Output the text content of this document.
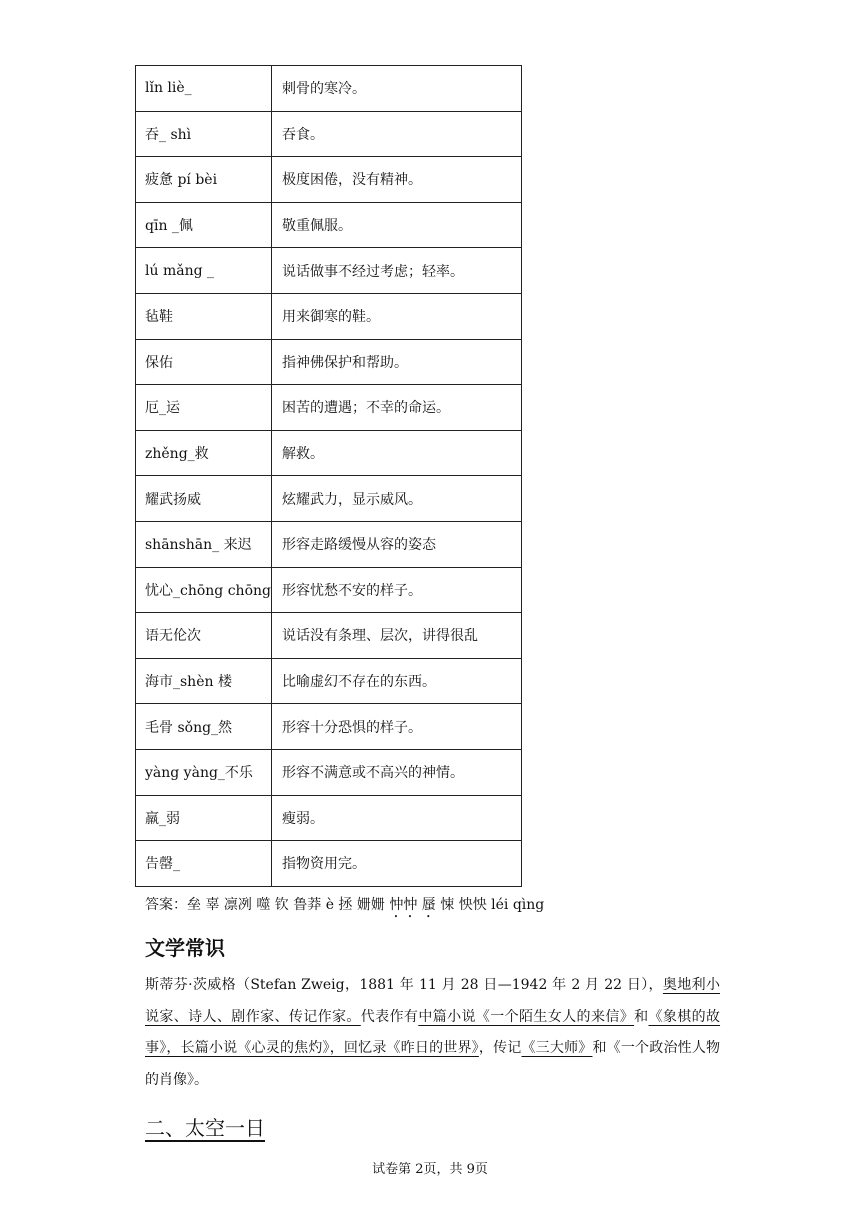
lǐn liè_	刺骨的寒冷。
吞_ shì	吞食。
疲惫 pí bèi	极度困倦，没有精神。
qīn _佩	敬重佩服。
lú mǎng _	说话做事不经过考虑；轻率。
毡鞋	用来御寒的鞋。
保佑	指神佛保护和帮助。
厄_运	困苦的遭遇；不幸的命运。
zhěng_救	解救。
耀武扬威	炫耀武力，显示威风。
shānshān_ 来迟	形容走路缓慢从容的姿态
忧心_chōng chōng	形容忧愁不安的样子。
语无伦次	说话没有条理、层次，讲得很乱
海市_shèn 楼	比喻虚幻不存在的东西。
毛骨 sǒng_然	形容十分恐惧的样子。
yàng yàng_不乐	形容不满意或不高兴的神情。
羸_弱	瘦弱。
告罄_	指物资用完。
答案：垒 辜 凛冽 噬 钦 鲁莽 è 拯 姗姗 忡忡 蜃 悚 怏怏 léi qìng
文学常识
斯蒂芬·茨威格（Stefan Zweig，1881 年 11 月 28 日—1942 年 2 月 22 日），奥地利小说家、诗人、剧作家、传记作家。代表作有中篇小说《一个陌生女人的来信》和《象棋的故事》，长篇小说《心灵的焦灼》，回忆录《昨日的世界》，传记《三大师》和《一个政治性人物的肖像》。
二、太空一日
试卷第 2页，共 9页
